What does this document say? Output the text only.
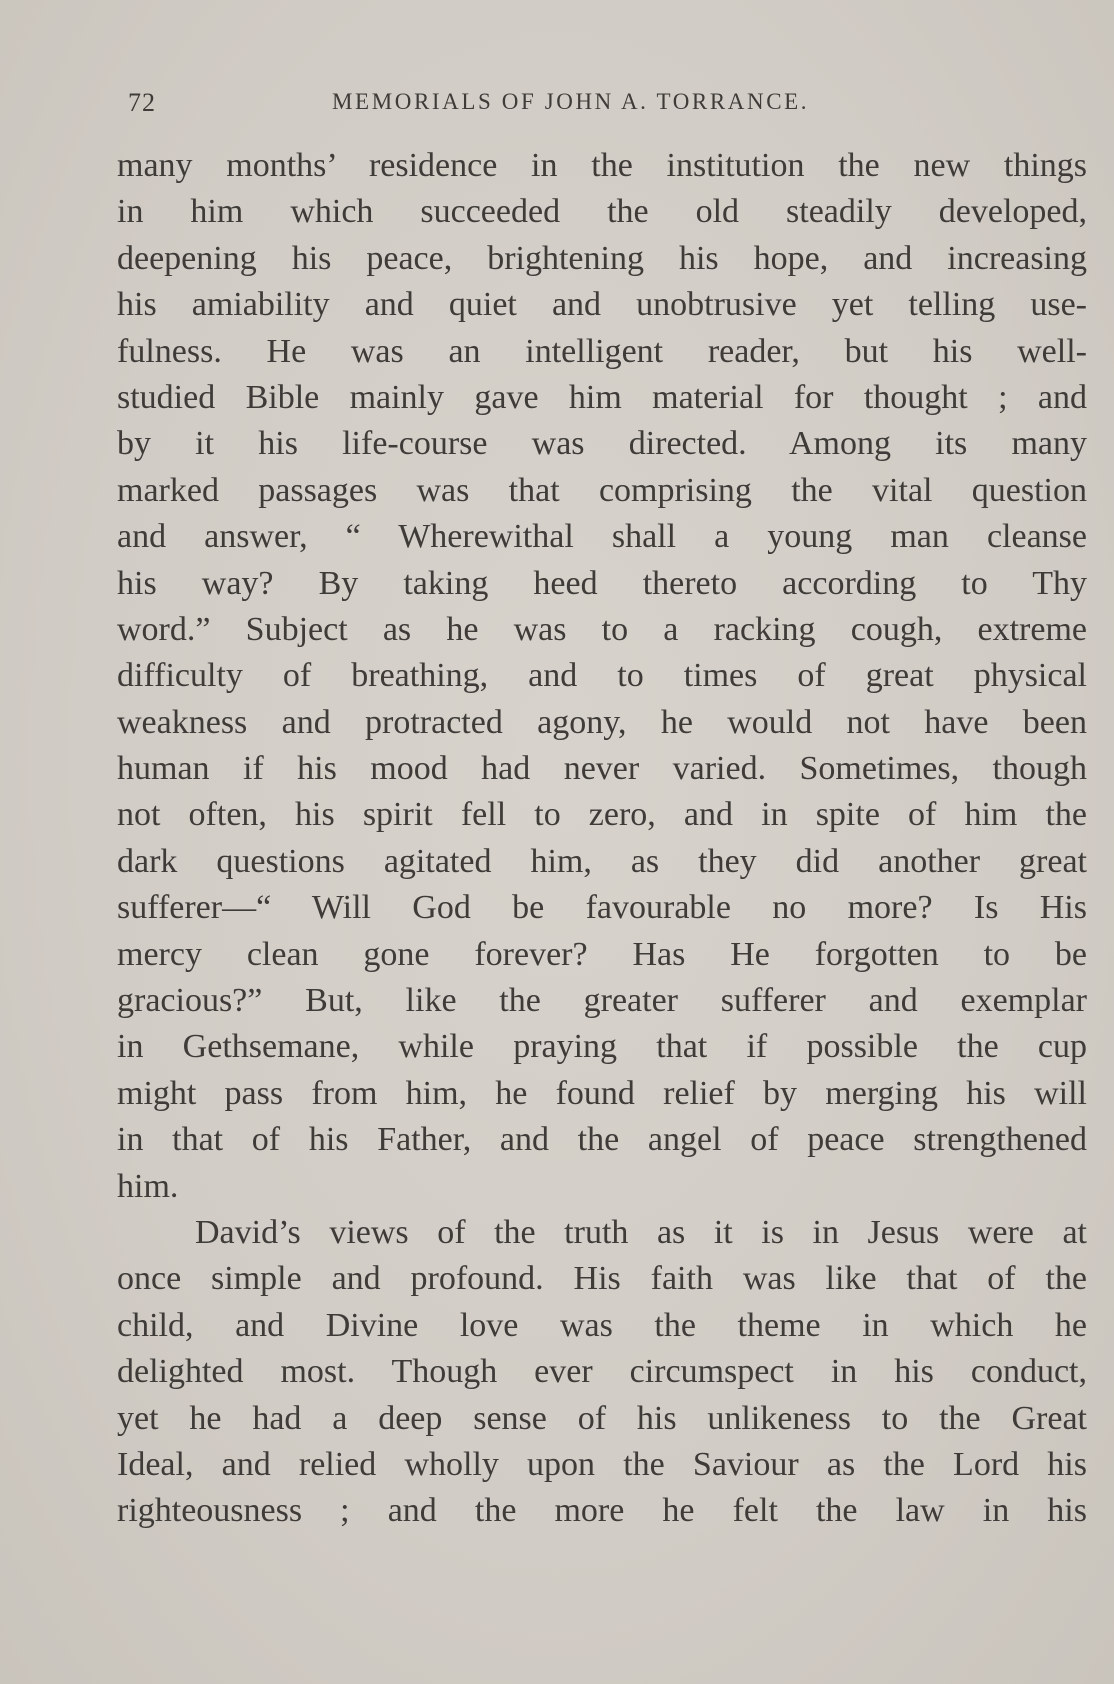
72	MEMORIALS OF JOHN A. TORRANCE.
many months’ residence in the institution the new things
in him which succeeded the old steadily developed,
deepening his peace, brightening his hope, and increasing
his amiability and quiet and unobtrusive yet telling use-
fulness. He was an intelligent reader, but his well-
studied Bible mainly gave him material for thought ; and
by it his life-course was directed. Among its many
marked passages was that comprising the vital question
and answer, “ Wherewithal shall a young man cleanse
his way? By taking heed thereto according to Thy
word.” Subject as he was to a racking cough, extreme
difficulty of breathing, and to times of great physical
weakness and protracted agony, he would not have been
human if his mood had never varied. Sometimes, though
not often, his spirit fell to zero, and in spite of him the
dark questions agitated him, as they did another great
sufferer—“ Will God be favourable no more? Is His
mercy clean gone forever? Has He forgotten to be
gracious?” But, like the greater sufferer and exemplar
in Gethsemane, while praying that if possible the cup
might pass from him, he found relief by merging his will
in that of his Father, and the angel of peace strengthened
him.
David’s views of the truth as it is in Jesus were at
once simple and profound. His faith was like that of the
child, and Divine love was the theme in which he
delighted most. Though ever circumspect in his conduct,
yet he had a deep sense of his unlikeness to the Great
Ideal, and relied wholly upon the Saviour as the Lord his
righteousness ; and the more he felt the law in his
